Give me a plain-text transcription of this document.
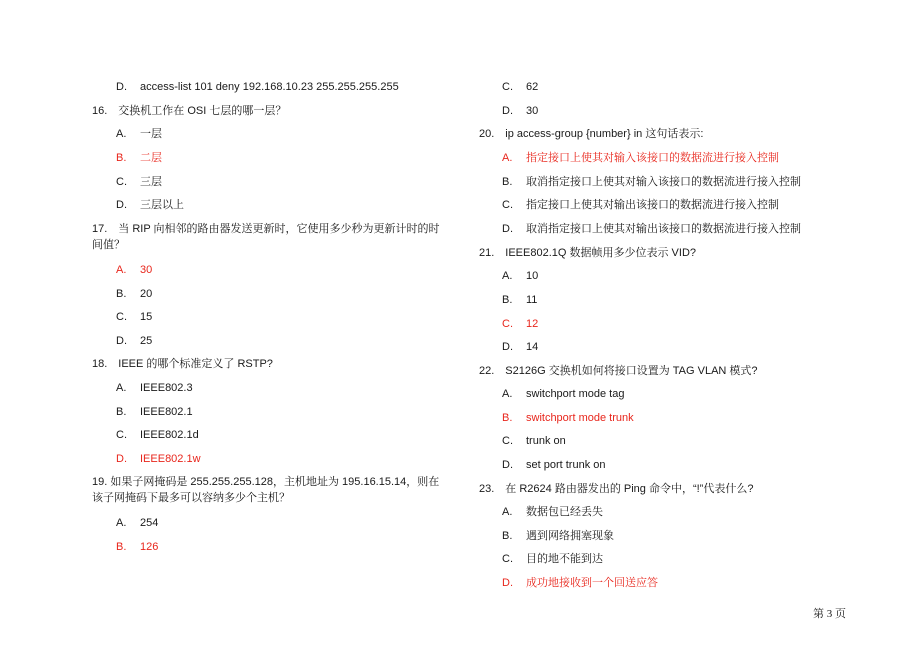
D. access-list 101 deny 192.168.10.23 255.255.255.255
16.　交换机工作在 OSI 七层的哪一层？
A. 一层
B. 二层
C. 三层
D. 三层以上
17.　当 RIP 向相邻的路由器发送更新时，它使用多少秒为更新计时的时
间值？
A. 30
B. 20
C. 15
D. 25
18.　IEEE 的哪个标准定义了 RSTP?
A. IEEE802.3
B. IEEE802.1
C. IEEE802.1d
D. IEEE802.1w
19. 如果子网掩码是 255.255.255.128，主机地址为 195.16.15.14，则在
该子网掩码下最多可以容纳多少个主机？
A. 254
B. 126
C. 62
D. 30
20.　ip access-group {number} in 这句话表示:
A. 指定接口上使其对输入该接口的数据流进行接入控制
B. 取消指定接口上使其对输入该接口的数据流进行接入控制
C. 指定接口上使其对输出该接口的数据流进行接入控制
D. 取消指定接口上使其对输出该接口的数据流进行接入控制
21.　IEEE802.1Q 数据帧用多少位表示 VID?
A. 10
B. 11
C. 12
D. 14
22.　S2126G 交换机如何将接口设置为 TAG VLAN 模式?
A. switchport mode tag
B. switchport mode trunk
C. trunk on
D. set port trunk on
23.　在 R2624 路由器发出的 Ping 命令中，“!”代表什么?
A. 数据包已经丢失
B. 遇到网络拥塞现象
C. 目的地不能到达
D. 成功地接收到一个回送应答
第 3 页
